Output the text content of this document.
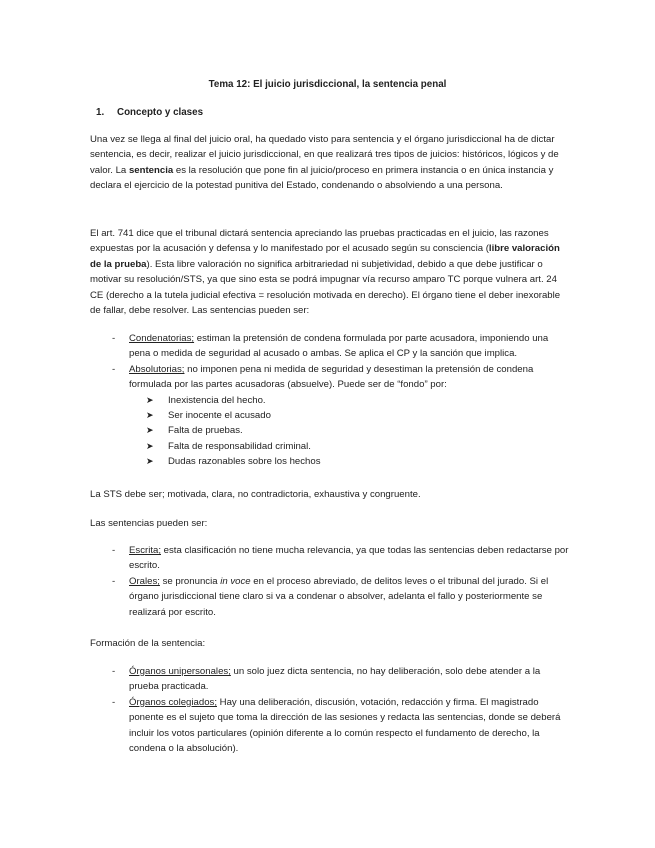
Tema 12: El juicio jurisdiccional, la sentencia penal
1. Concepto y clases
Una vez se llega al final del juicio oral, ha quedado visto para sentencia y el órgano jurisdiccional ha de dictar sentencia, es decir, realizar el juicio jurisdiccional, en que realizará tres tipos de juicios: históricos, lógicos y de valor. La sentencia es la resolución que pone fin al juicio/proceso en primera instancia o en única instancia y declara el ejercicio de la potestad punitiva del Estado, condenando o absolviendo a una persona.
El art. 741 dice que el tribunal dictará sentencia apreciando las pruebas practicadas en el juicio, las razones expuestas por la acusación y defensa y lo manifestado por el acusado según su consciencia (libre valoración de la prueba). Esta libre valoración no significa arbitrariedad ni subjetividad, debido a que debe justificar o motivar su resolución/STS, ya que sino esta se podrá impugnar vía recurso amparo TC porque vulnera art. 24 CE (derecho a la tutela judicial efectiva = resolución motivada en derecho). El órgano tiene el deber inexorable de fallar, debe resolver. Las sentencias pueden ser:
- Condenatorias; estiman la pretensión de condena formulada por parte acusadora, imponiendo una pena o medida de seguridad al acusado o ambas. Se aplica el CP y la sanción que implica.
- Absolutorias; no imponen pena ni medida de seguridad y desestiman la pretensión de condena formulada por las partes acusadoras (absuelve). Puede ser de “fondo” por:
➤ Inexistencia del hecho.
➤ Ser inocente el acusado
➤ Falta de pruebas.
➤ Falta de responsabilidad criminal.
➤ Dudas razonables sobre los hechos
La STS debe ser; motivada, clara, no contradictoria, exhaustiva y congruente.
Las sentencias pueden ser:
- Escrita; esta clasificación no tiene mucha relevancia, ya que todas las sentencias deben redactarse por escrito.
- Orales; se pronuncia in voce en el proceso abreviado, de delitos leves o el tribunal del jurado. Si el órgano jurisdiccional tiene claro si va a condenar o absolver, adelanta el fallo y posteriormente se realizará por escrito.
Formación de la sentencia:
- Órganos unipersonales; un solo juez dicta sentencia, no hay deliberación, solo debe atender a la prueba practicada.
- Órganos colegiados; Hay una deliberación, discusión, votación, redacción y firma. El magistrado ponente es el sujeto que toma la dirección de las sesiones y redacta las sentencias, donde se deberá incluir los votos particulares (opinión diferente a lo común respecto el fundamento de derecho, la condena o la absolución).
